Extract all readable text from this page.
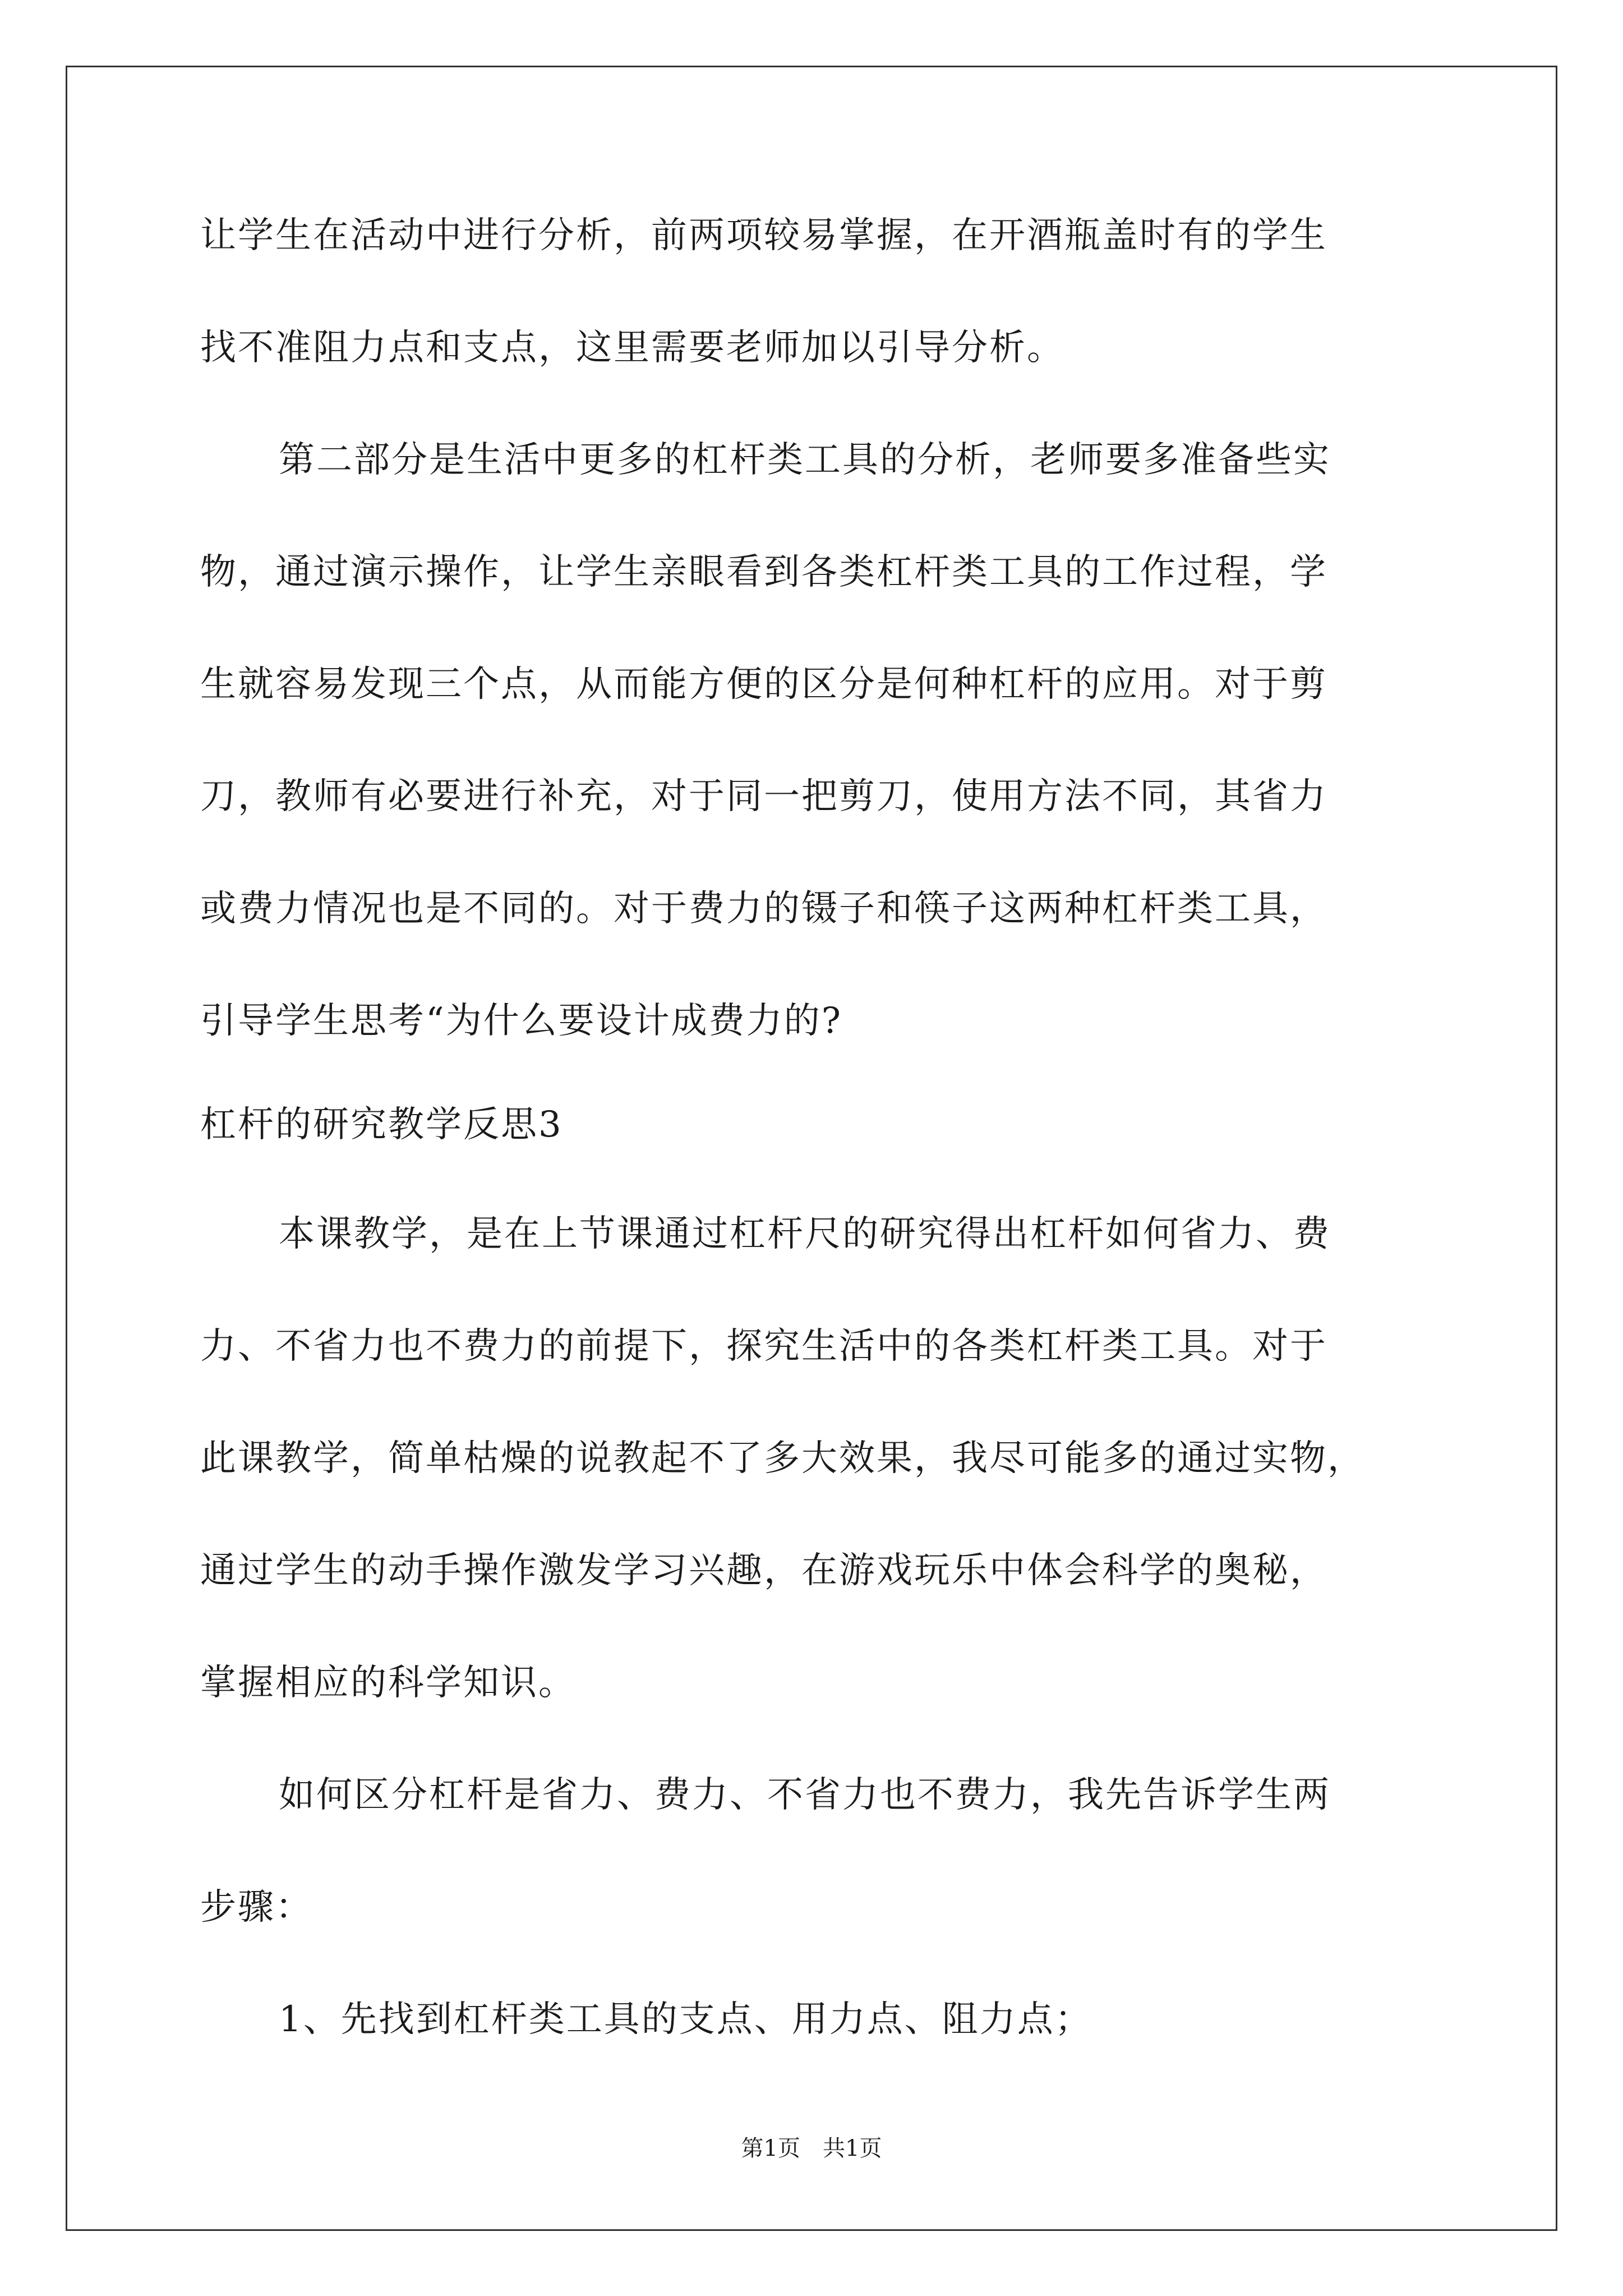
让学生在活动中进行分析，前两项较易掌握，在开酒瓶盖时有的学生
找不准阻力点和支点，这里需要老师加以引导分析。
第二部分是生活中更多的杠杆类工具的分析，老师要多准备些实
物，通过演示操作，让学生亲眼看到各类杠杆类工具的工作过程，学
生就容易发现三个点，从而能方便的区分是何种杠杆的应用。对于剪
刀，教师有必要进行补充，对于同一把剪刀，使用方法不同，其省力
或费力情况也是不同的。对于费力的镊子和筷子这两种杠杆类工具，
引导学生思考“为什么要设计成费力的?
杠杆的研究教学反思3
本课教学，是在上节课通过杠杆尺的研究得出杠杆如何省力、费
力、不省力也不费力的前提下，探究生活中的各类杠杆类工具。对于
此课教学，简单枯燥的说教起不了多大效果，我尽可能多的通过实物，
通过学生的动手操作激发学习兴趣，在游戏玩乐中体会科学的奥秘，
掌握相应的科学知识。
如何区分杠杆是省力、费力、不省力也不费力，我先告诉学生两
步骤：
1、先找到杠杆类工具的支点、用力点、阻力点；
第1页　共1页
